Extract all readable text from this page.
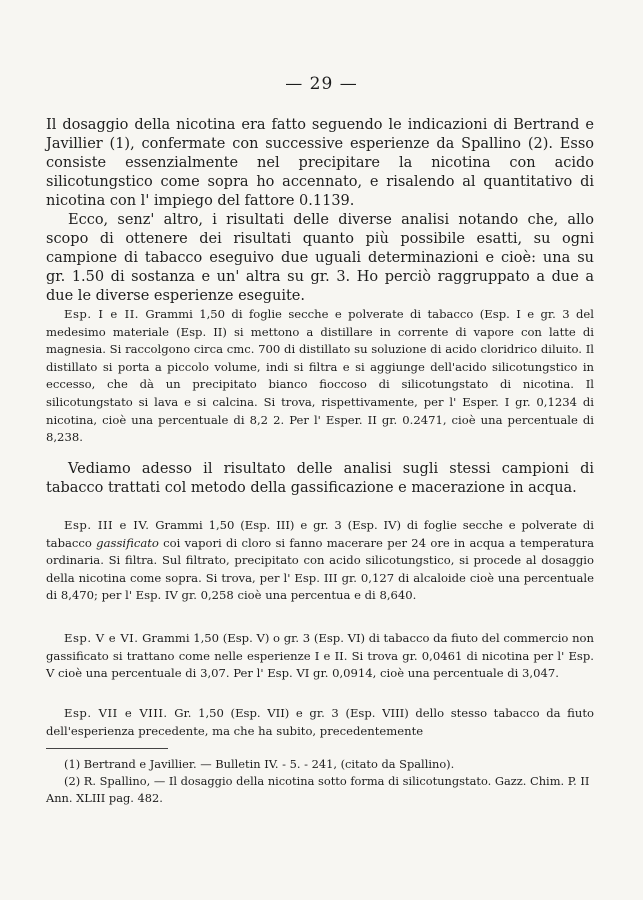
— 29 —

Il dosaggio della nicotina era fatto seguendo le indicazioni di Bertrand e Javillier (1), confermate con successive esperienze da Spallino (2). Esso consiste essenzialmente nel precipitare la nicotina con acido silicotungstico come sopra ho accennato, e risalendo al quantitativo di nicotina con l' impiego del fattore 0.1139.

Ecco, senz' altro, i risultati delle diverse analisi notando che, allo scopo di ottenere dei risultati quanto più possibile esatti, su ogni campione di tabacco eseguivo due uguali determinazioni e cioè: una su gr. 1.50 di sostanza e un' altra su gr. 3. Ho perciò raggruppato a due a due le diverse esperienze eseguite.

Esp. I e II. Grammi 1,50 di foglie secche e polverate di tabacco (Esp. I e gr. 3 del medesimo materiale (Esp. II) si mettono a distillare in corrente di vapore con latte di magnesia. Si raccolgono circa cmc. 700 di distillato su soluzione di acido cloridrico diluito. Il distillato si porta a piccolo volume, indi si filtra e si aggiunge dell'acido silicotungstico in eccesso, che dà un precipitato bianco fioccoso di silicotungstato di nicotina. Il silicotungstato si lava e si calcina. Si trova, rispettivamente, per l' Esper. I gr. 0,1234 di nicotina, cioè una percentuale di 8,2 2. Per l' Esper. II gr. 0.2471, cioè una percentuale di 8,238.

Vediamo adesso il risultato delle analisi sugli stessi campioni di tabacco trattati col metodo della gassificazione e macerazione in acqua.

Esp. III e IV. Grammi 1,50 (Esp. III) e gr. 3 (Esp. IV) di foglie secche e polverate di tabacco gassificato coi vapori di cloro si fanno macerare per 24 ore in acqua a temperatura ordinaria. Si filtra. Sul filtrato, precipitato con acido silicotungstico, si procede al dosaggio della nicotina come sopra. Si trova, per l' Esp. III gr. 0,127 di alcaloide cioè una percentuale di 8,470; per l' Esp. IV gr. 0,258 cioè una percentua e di 8,640.

Esp. V e VI. Grammi 1,50 (Esp. V) o gr. 3 (Esp. VI) di tabacco da fiuto del commercio non gassificato si trattano come nelle esperienze I e II. Si trova gr. 0,0461 di nicotina per l' Esp. V cioè una percentuale di 3,07. Per l' Esp. VI gr. 0,0914, cioè una percentuale di 3,047.

Esp. VII e VIII. Gr. 1,50 (Esp. VII) e gr. 3 (Esp. VIII) dello stesso tabacco da fiuto dell'esperienza precedente, ma che ha subito, precedentemente

(1) Bertrand e Javillier. — Bulletin IV. - 5. - 241, (citato da Spallino).

(2) R. Spallino, — Il dosaggio della nicotina sotto forma di silicotungstato. Gazz. Chim. P. II Ann. XLIII pag. 482.
